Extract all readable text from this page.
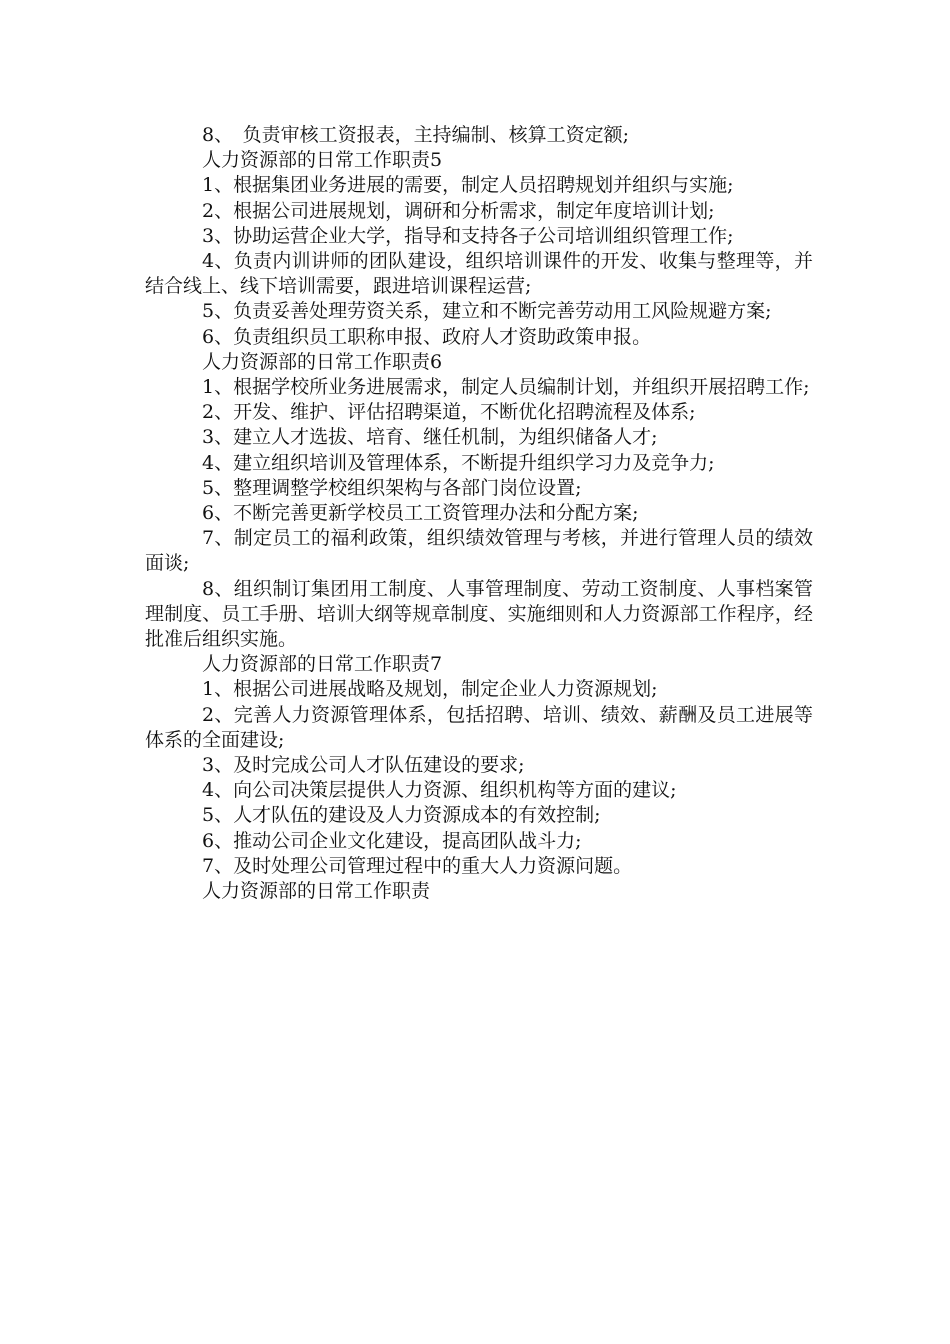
8、　负责审核工资报表，主持编制、核算工资定额;

人力资源部的日常工作职责5

1、根据集团业务进展的需要，制定人员招聘规划并组织与实施;

2、根据公司进展规划，调研和分析需求，制定年度培训计划;

3、协助运营企业大学，指导和支持各子公司培训组织管理工作;

4、负责内训讲师的团队建设，组织培训课件的开发、收集与整理等，并结合线上、线下培训需要，跟进培训课程运营;

5、负责妥善处理劳资关系，建立和不断完善劳动用工风险规避方案;

6、负责组织员工职称申报、政府人才资助政策申报。

人力资源部的日常工作职责6

1、根据学校所业务进展需求，制定人员编制计划，并组织开展招聘工作;

2、开发、维护、评估招聘渠道，不断优化招聘流程及体系;

3、建立人才选拔、培育、继任机制，为组织储备人才;

4、建立组织培训及管理体系，不断提升组织学习力及竞争力;

5、整理调整学校组织架构与各部门岗位设置;

6、不断完善更新学校员工工资管理办法和分配方案;

7、制定员工的福利政策，组织绩效管理与考核，并进行管理人员的绩效面谈;

8、组织制订集团用工制度、人事管理制度、劳动工资制度、人事档案管理制度、员工手册、培训大纲等规章制度、实施细则和人力资源部工作程序，经批准后组织实施。

人力资源部的日常工作职责7

1、根据公司进展战略及规划，制定企业人力资源规划;

2、完善人力资源管理体系，包括招聘、培训、绩效、薪酬及员工进展等体系的全面建设;

3、及时完成公司人才队伍建设的要求;

4、向公司决策层提供人力资源、组织机构等方面的建议;

5、人才队伍的建设及人力资源成本的有效控制;

6、推动公司企业文化建设，提高团队战斗力;

7、及时处理公司管理过程中的重大人力资源问题。

人力资源部的日常工作职责
